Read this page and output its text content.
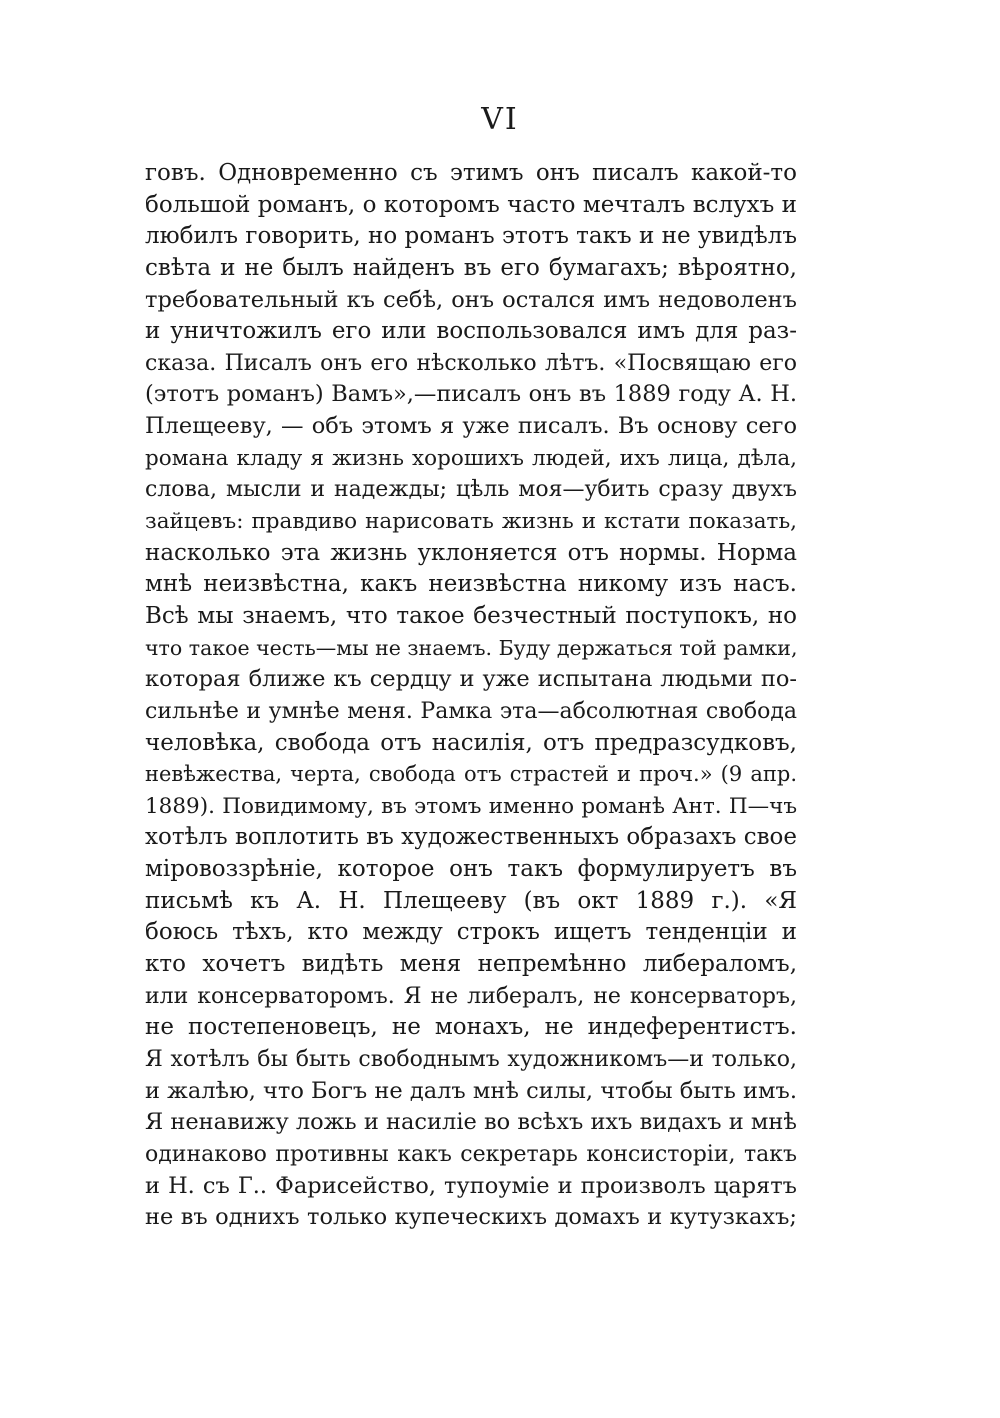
VI
говъ. Одновременно съ этимъ онъ писалъ какой-то
большой романъ, о которомъ часто мечталъ вслухъ и
любилъ говорить, но романъ этотъ такъ и не увидѣлъ
свѣта и не былъ найденъ въ его бумагахъ; вѣроятно,
требовательный къ себѣ, онъ остался имъ недоволенъ
и уничтожилъ его или воспользовался имъ для раз-
сказа. Писалъ онъ его нѣсколько лѣтъ. «Посвящаю его
(этотъ романъ) Вамъ»,—писалъ онъ въ 1889 году А. Н.
Плещееву, — объ этомъ я уже писалъ. Въ основу сего
романа кладу я жизнь хорошихъ людей, ихъ лица, дѣла,
слова, мысли и надежды; цѣль моя—убить сразу двухъ
зайцевъ: правдиво нарисовать жизнь и кстати показать,
насколько эта жизнь уклоняется отъ нормы. Норма
мнѣ неизвѣстна, какъ неизвѣстна никому изъ насъ.
Всѣ мы знаемъ, что такое безчестный поступокъ, но
что такое честь—мы не знаемъ. Буду держаться той рамки,
которая ближе къ сердцу и уже испытана людьми по-
сильнѣе и умнѣе меня. Рамка эта—абсолютная свобода
человѣка, свобода отъ насилія, отъ предразсудковъ,
невѣжества, черта, свобода отъ страстей и проч.» (9 апр.
1889). Повидимому, въ этомъ именно романѣ Ант. П—чъ
хотѣлъ воплотить въ художественныхъ образахъ свое
міровоззрѣніе, которое онъ такъ формулируетъ въ
письмѣ къ А. Н. Плещееву (въ окт 1889 г.). «Я
боюсь тѣхъ, кто между строкъ ищетъ тенденціи и
кто хочетъ видѣть меня непремѣнно либераломъ,
или консерваторомъ. Я не либералъ, не консерваторъ,
не постепеновецъ, не монахъ, не индеферентистъ.
Я хотѣлъ бы быть свободнымъ художникомъ—и только,
и жалѣю, что Богъ не далъ мнѣ силы, чтобы быть имъ.
Я ненавижу ложь и насиліе во всѣхъ ихъ видахъ и мнѣ
одинаково противны какъ секретарь консисторіи, такъ
и Н. съ Г.. Фарисейство, тупоуміе и произволъ царятъ
не въ однихъ только купеческихъ домахъ и кутузкахъ;
